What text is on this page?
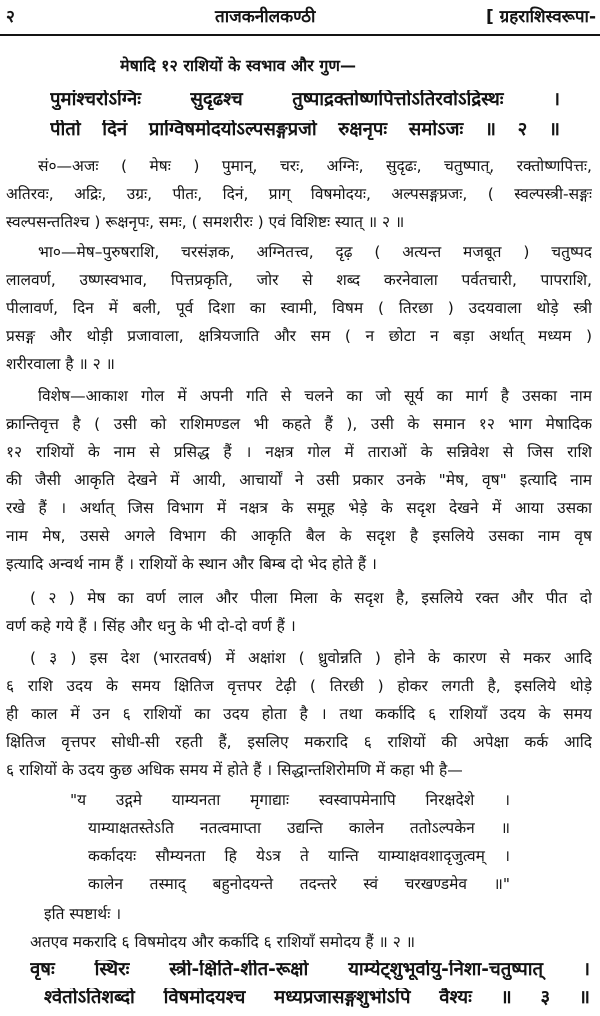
२	ताजकनीलकण्ठी	[ ग्रहराशिस्वरूपा-
मेषादि १२ राशियों के स्वभाव और गुण—
पुमांश्चरोऽग्निः सुदृढश्च तुष्पाद्रक्तोष्णपित्तोऽतिरवोऽद्रिस्थः ।
पीतो दिनं प्राग्विषमोदयोऽल्पसङ्गप्रजो रुक्षनृपः समोऽजः ॥ २ ॥
सं०—अजः ( मेषः ) पुमान्, चरः, अग्निः, सुदृढः, चतुष्पात्, रक्तोष्णपित्तः,
अतिरवः, अद्रिः, उग्रः, पीतः, दिनं, प्राग् विषमोदयः, अल्पसङ्गप्रजः, ( स्वल्पस्त्री-सङ्गः
स्वल्पसन्ततिश्च ) रूक्षनृपः, समः, ( समशरीरः ) एवं विशिष्टः स्यात् ॥ २ ॥
भा०—मेष–पुरुषराशि, चरसंज्ञक, अग्नितत्त्व, दृढ़ ( अत्यन्त मजबूत ) चतुष्पद
लालवर्ण, उष्णस्वभाव, पित्तप्रकृति, जोर से शब्द करनेवाला पर्वतचारी, पापराशि,
पीलावर्ण, दिन में बली, पूर्व दिशा का स्वामी, विषम ( तिरछा ) उदयवाला थोड़े स्त्री
प्रसङ्ग और थोड़ी प्रजावाला, क्षत्रियजाति और सम ( न छोटा न बड़ा अर्थात् मध्यम )
शरीरवाला है ॥ २ ॥
विशेष—आकाश गोल में अपनी गति से चलने का जो सूर्य का मार्ग है उसका नाम
क्रान्तिवृत्त है ( उसी को राशिमण्डल भी कहते हैं ), उसी के समान १२ भाग मेषादिक
१२ राशियों के नाम से प्रसिद्ध हैं । नक्षत्र गोल में ताराओं के सन्निवेश से जिस राशि
की जैसी आकृति देखने में आयी, आचार्यों ने उसी प्रकार उनके "मेष, वृष" इत्यादि नाम
रखे हैं । अर्थात् जिस विभाग में नक्षत्र के समूह भेड़े के सदृश देखने में आया उसका
नाम मेष, उससे अगले विभाग की आकृति बैल के सदृश है इसलिये उसका नाम वृष
इत्यादि अन्वर्थ नाम हैं । राशियों के स्थान और बिम्ब दो भेद होते हैं ।
( २ ) मेष का वर्ण लाल और पीला मिला के सदृश है, इसलिये रक्त और पीत दो
वर्ण कहे गये हैं । सिंह और धनु के भी दो-दो वर्ण हैं ।
( ३ ) इस देश (भारतवर्ष) में अक्षांश ( ध्रुवोन्नति ) होने के कारण से मकर आदि
६ राशि उदय के समय क्षितिज वृत्तपर टेढ़ी ( तिरछी ) होकर लगती है, इसलिये थोड़े
ही काल में उन ६ राशियों का उदय होता है । तथा कर्कादि ६ राशियाँ उदय के समय
क्षितिज वृत्तपर सोधी-सी रहती हैं, इसलिए मकरादि ६ राशियों की अपेक्षा कर्क आदि
६ राशियों के उदय कुछ अधिक समय में होते हैं । सिद्धान्तशिरोमणि में कहा भी है—
"य उद्गमे याम्यनता मृगाद्याः स्वस्वापमेनापि निरक्षदेशे ।
याम्याक्षतस्तेऽति नतत्वमाप्ता उद्यन्ति कालेन ततोऽल्पकेन ॥
कर्कादयः सौम्यनता हि येऽत्र ते यान्ति याम्याक्षवशादृजुत्वम् ।
कालेन तस्माद् बहुनोदयन्ते तदन्तरे स्वं चरखण्डमेव ॥"
इति स्पष्टार्थः ।
अतएव मकरादि ६ विषमोदय और कर्कादि ६ राशियाँ समोदय हैं ॥ २ ॥
वृषः स्थिरः स्त्री-क्षिति-शीत-रूक्षो याम्येट्शुभूर्वायु-निशा-चतुष्पात् ।
श्वेतोऽतिशब्दो विषमोदयश्च मध्यप्रजासङ्गशुभोऽपि वैश्यः ॥ ३ ॥
